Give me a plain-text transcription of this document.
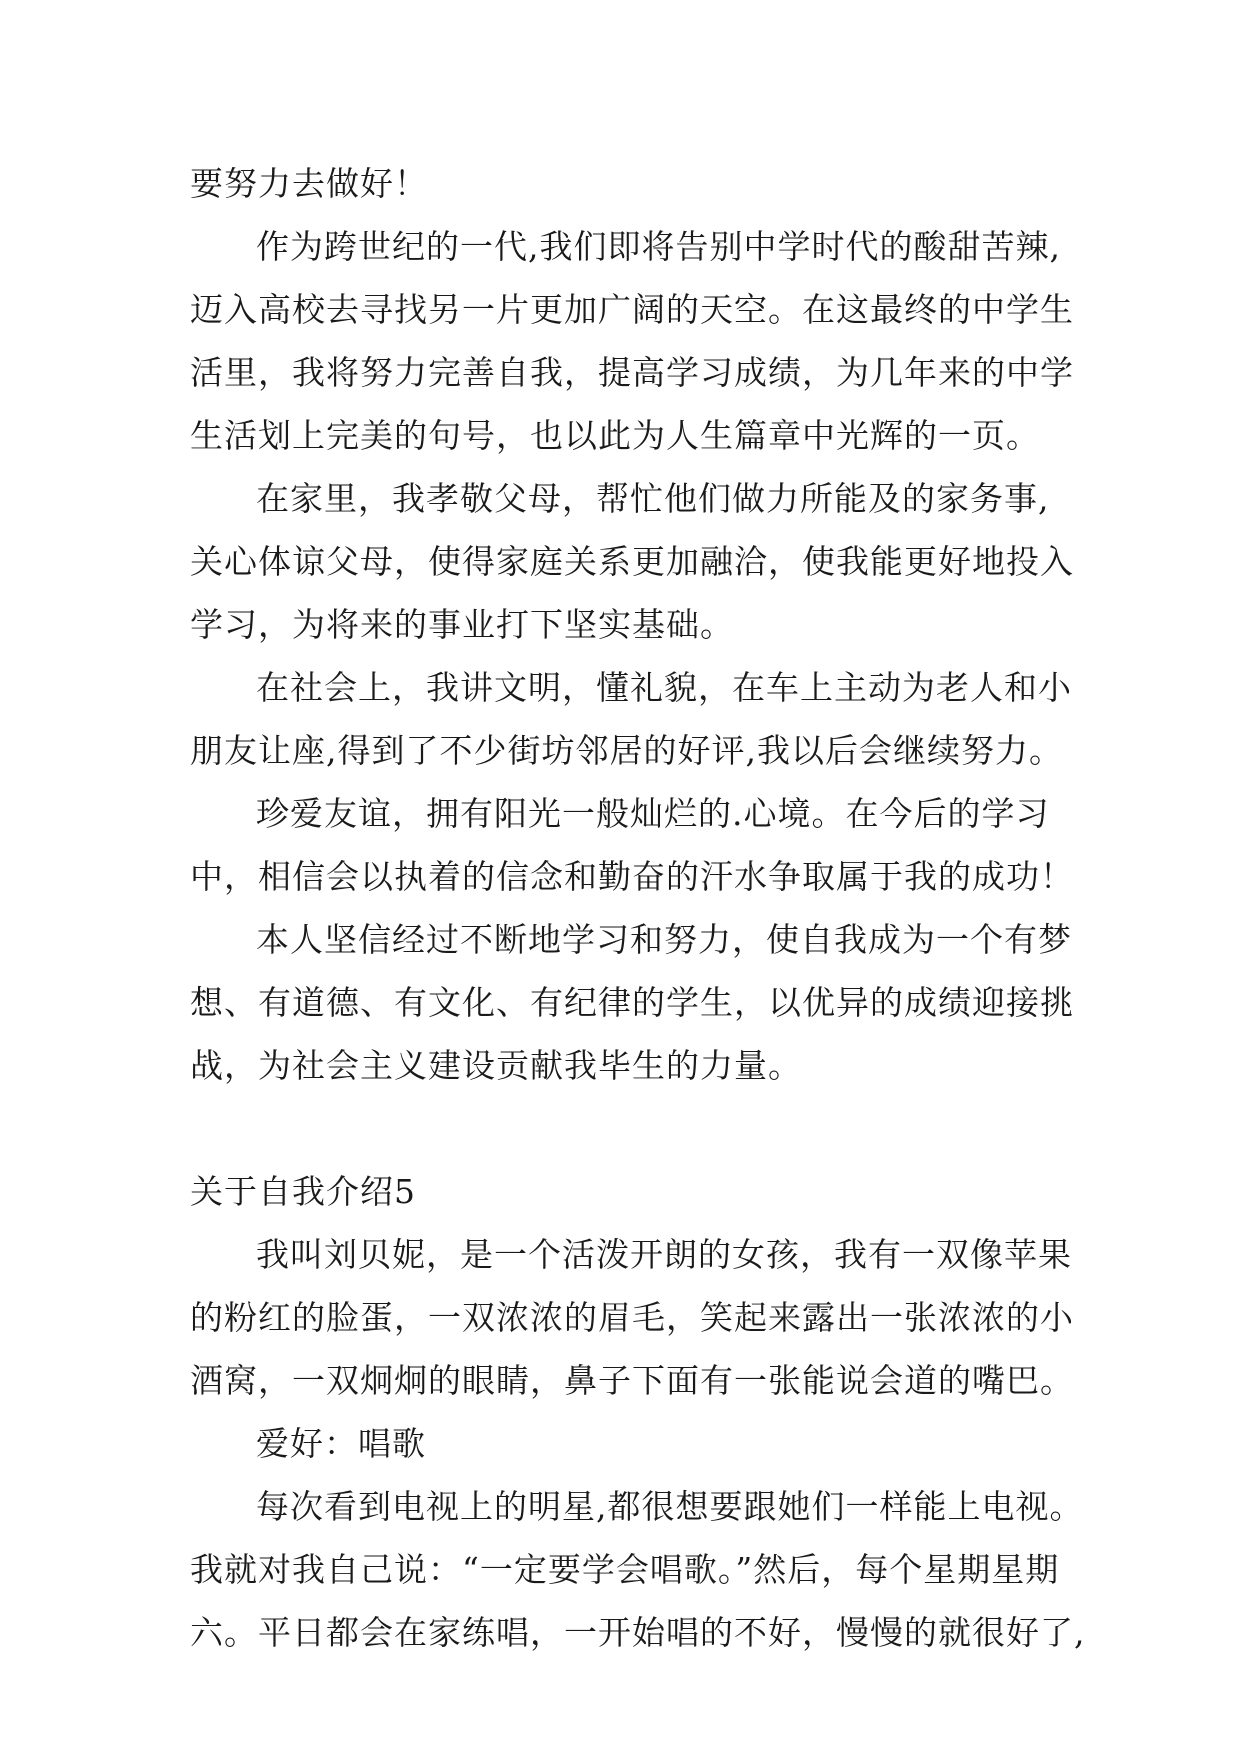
要努力去做好！
作为跨世纪的一代,我们即将告别中学时代的酸甜苦辣,
迈入高校去寻找另一片更加广阔的天空。在这最终的中学生
活里，我将努力完善自我，提高学习成绩，为几年来的中学
生活划上完美的句号，也以此为人生篇章中光辉的一页。
在家里，我孝敬父母，帮忙他们做力所能及的家务事,
关心体谅父母，使得家庭关系更加融洽，使我能更好地投入
学习，为将来的事业打下坚实基础。
在社会上，我讲文明，懂礼貌，在车上主动为老人和小
朋友让座,得到了不少街坊邻居的好评,我以后会继续努力。
珍爱友谊，拥有阳光一般灿烂的.心境。在今后的学习
中，相信会以执着的信念和勤奋的汗水争取属于我的成功！
本人坚信经过不断地学习和努力，使自我成为一个有梦
想、有道德、有文化、有纪律的学生，以优异的成绩迎接挑
战，为社会主义建设贡献我毕生的力量。
关于自我介绍5
我叫刘贝妮，是一个活泼开朗的女孩，我有一双像苹果
的粉红的脸蛋，一双浓浓的眉毛，笑起来露出一张浓浓的小
酒窝，一双炯炯的眼睛，鼻子下面有一张能说会道的嘴巴。
爱好：唱歌
每次看到电视上的明星,都很想要跟她们一样能上电视。
我就对我自己说：“一定要学会唱歌。”然后，每个星期星期
六。平日都会在家练唱，一开始唱的不好，慢慢的就很好了,
